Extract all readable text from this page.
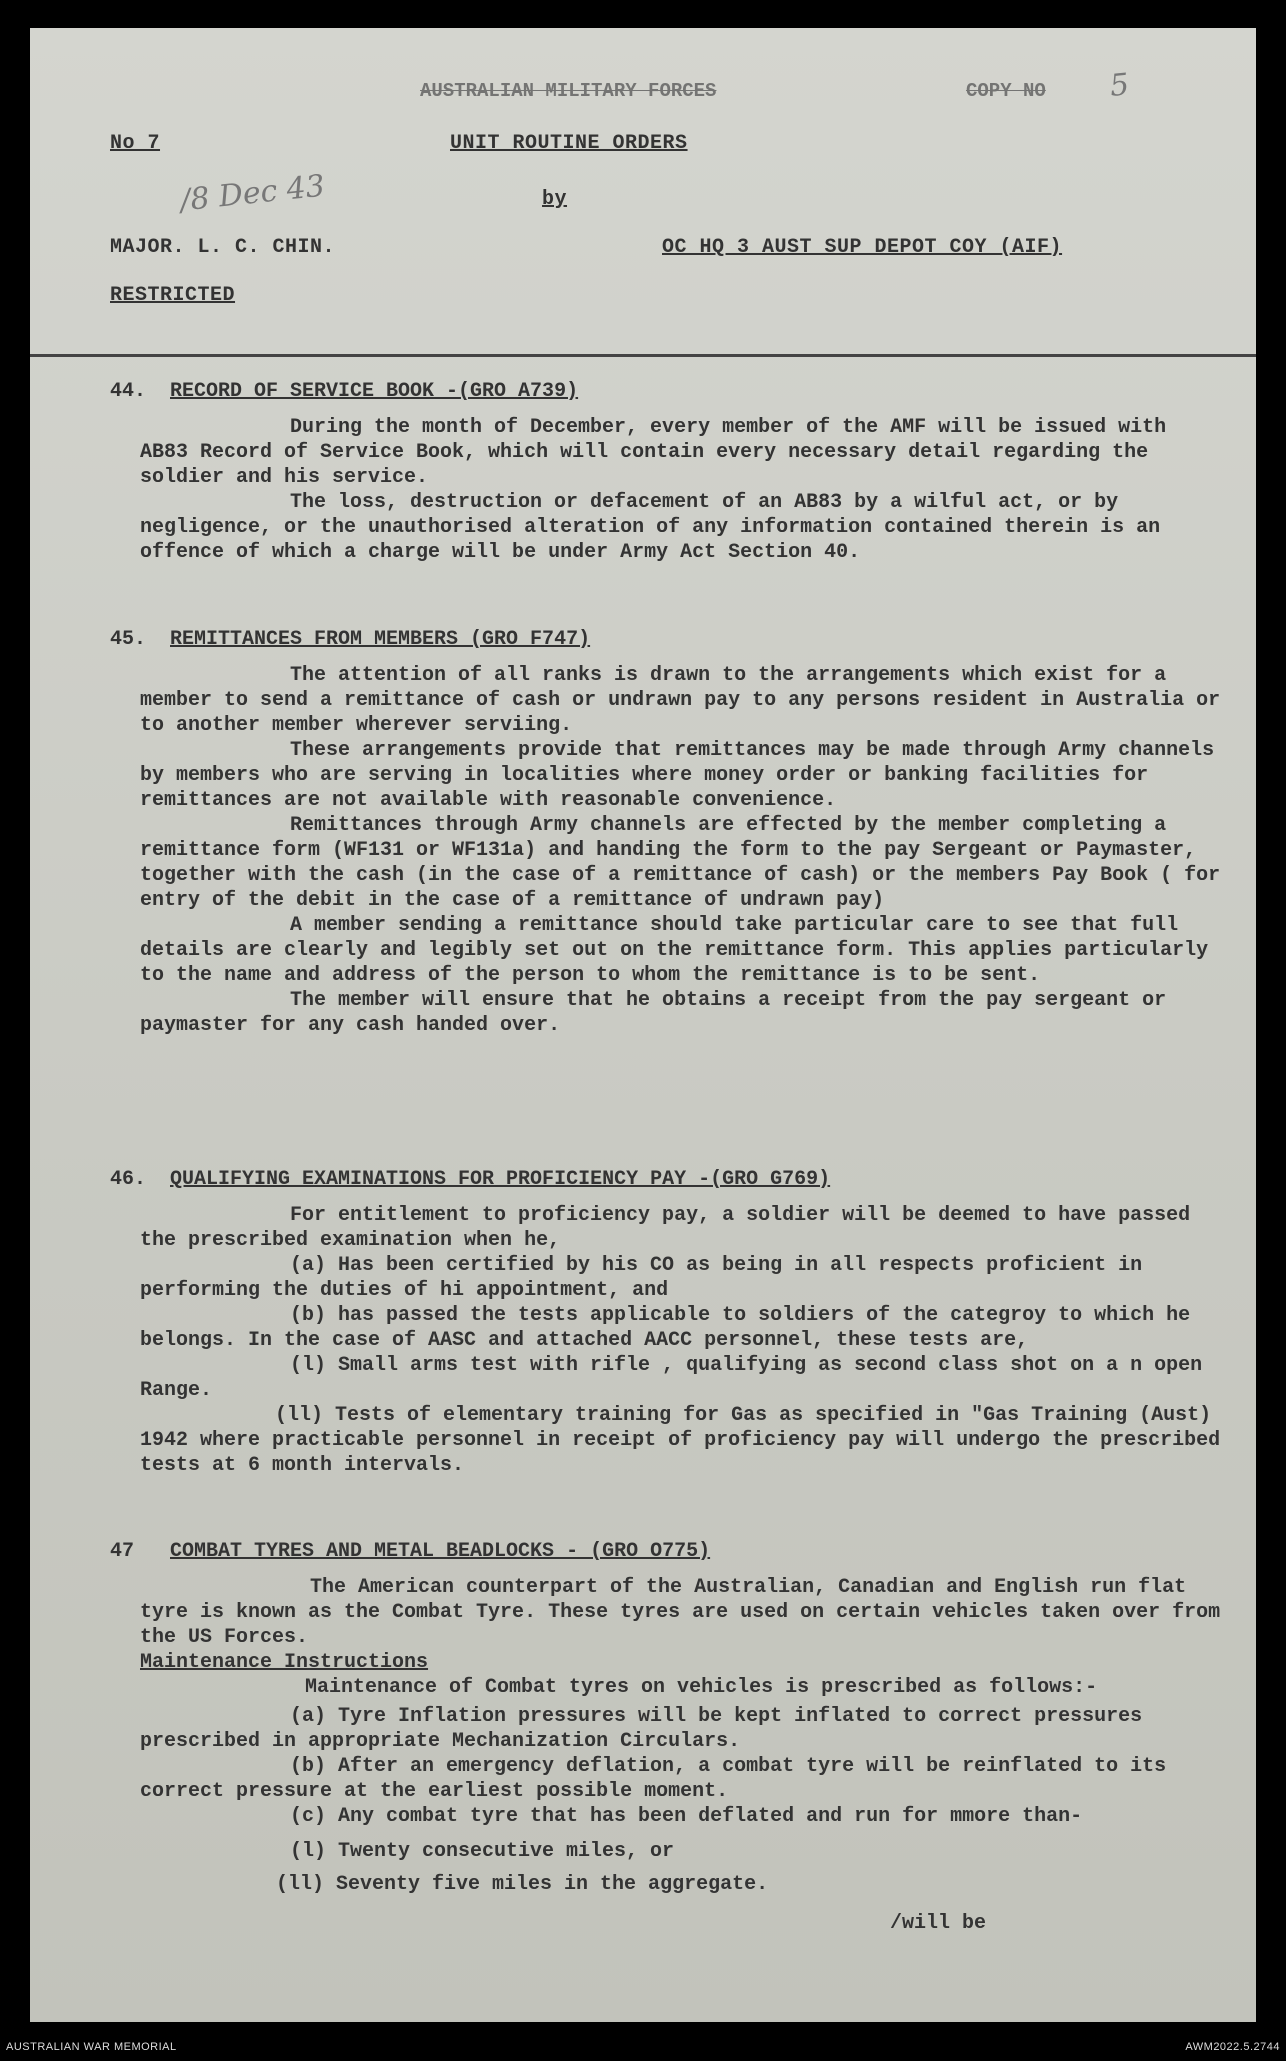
AUSTRALIAN MILITARY FORCES	COPY NO 5
No 7	UNIT ROUTINE ORDERS
/8 Dec 43	by
MAJOR. L. C. CHIN.	OC HQ 3 AUST SUP DEPOT COY (AIF)
RESTRICTED
44. RECORD OF SERVICE BOOK -(GRO A739)

During the month of December, every member of the AMF will be issued with AB83 Record of Service Book, which will contain every necessary detail regarding the soldier and his service.

The loss, destruction or defacement of an AB83 by a wilful act, or by negligence, or the unauthorised alteration of any information contained therein is an offence of which a charge will be under Army Act Section 40.

45. REMITTANCES FROM MEMBERS (GRO F747)

The attention of all ranks is drawn to the arrangements which exist for a member to send a remittance of cash or undrawn pay to any persons resident in Australia or to another member wherever serviing.

These arrangements provide that remittances may be made through Army channels by members who are serving in localities where money order or banking facilities for remittances are not available with reasonable convenience.

Remittances through Army channels are effected by the member completing a remittance form (WF131 or WF131a) and handing the form to the pay Sergeant or Paymaster, together with the cash (in the case of a remittance of cash) or the members Pay Book ( for entry of the debit in the case of a remittance of undrawn pay)

A member sending a remittance should take particular care to see that full details are clearly and legibly set out on the remittance form. This applies particularly to the name and address of the person to whom the remittance is to be sent.

The member will ensure that he obtains a receipt from the pay sergeant or paymaster for any cash handed over.

46. QUALIFYING EXAMINATIONS FOR PROFICIENCY PAY -(GRO G769)

For entitlement to proficiency pay, a soldier will be deemed to have passed the prescribed examination when he,

(a) Has been certified by his CO as being in all respects proficient in performing the duties of hi appointment, and

(b) has passed the tests applicable to soldiers of the categroy to which he belongs. In the case of AASC and attached AACC personnel, these tests are,

(l) Small arms test with rifle , qualifying as second class shot on a n open Range.

(ll) Tests of elementary training for Gas as specified in "Gas Training (Aust) 1942 where practicable personnel in receipt of proficiency pay will undergo the prescribed tests at 6 month intervals.

47 COMBAT TYRES AND METAL BEADLOCKS - (GRO O775)

The American counterpart of the Australian, Canadian and English run flat tyre is known as the Combat Tyre. These tyres are used on certain vehicles taken over from the US Forces.

Maintenance Instructions

Maintenance of Combat tyres on vehicles is prescribed as follows:-

(a) Tyre Inflation pressures will be kept inflated to correct pressures prescribed in appropriate Mechanization Circulars.

(b) After an emergency deflation, a combat tyre will be reinflated to its correct pressure at the earliest possible moment.

(c) Any combat tyre that has been deflated and run for mmore than-

(l) Twenty consecutive miles, or

(ll) Seventy five miles in the aggregate.

/will be

AUSTRALIAN WAR MEMORIAL	AWM2022.5.2744
